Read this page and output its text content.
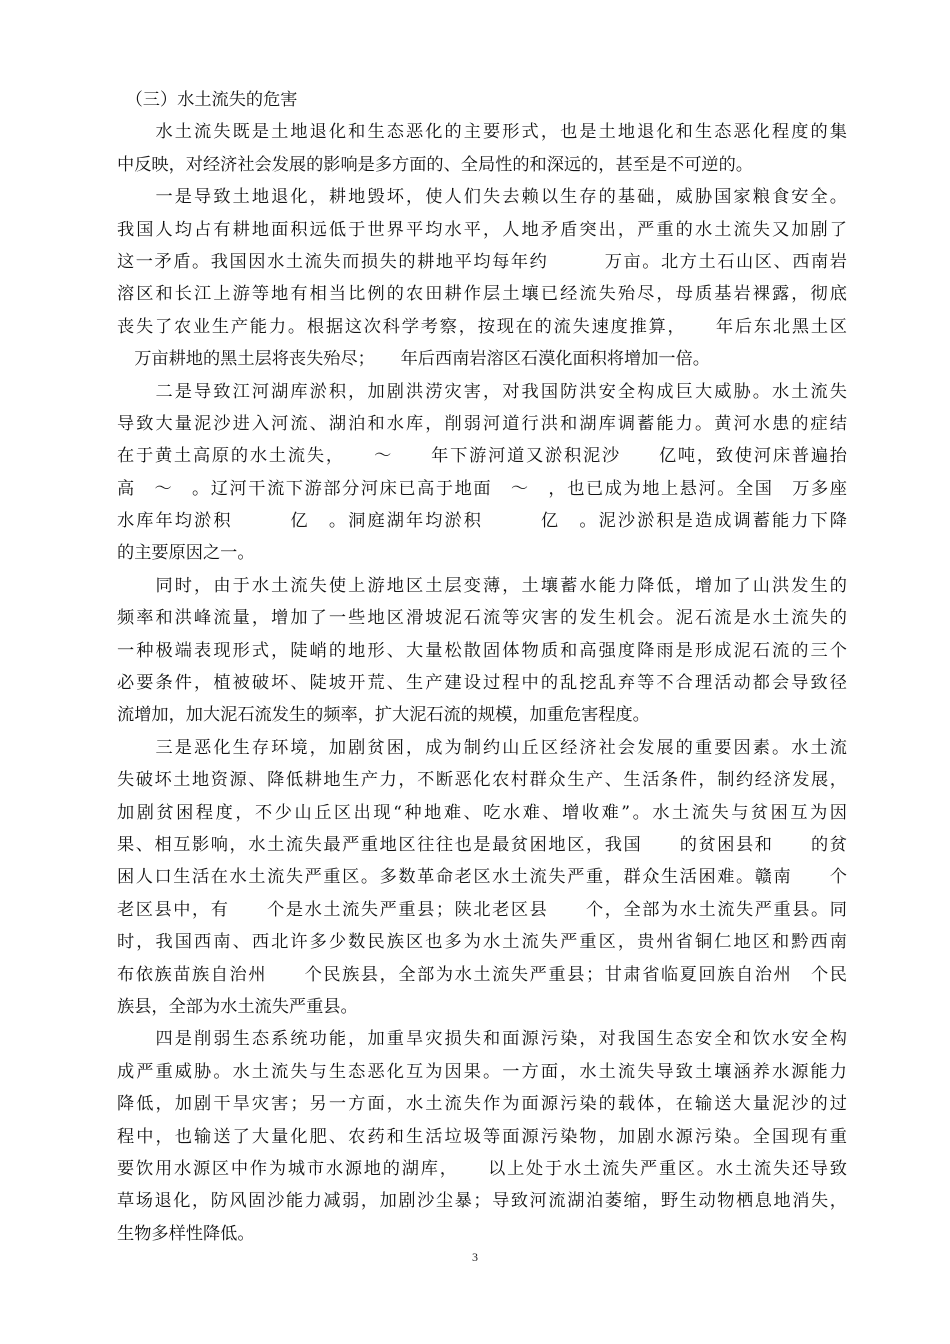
　（三）水土流失的危害
　　水土流失既是土地退化和生态恶化的主要形式，也是土地退化和生态恶化程度的集
中反映，对经济社会发展的影响是多方面的、全局性的和深远的，甚至是不可逆的。
　　一是导致土地退化，耕地毁坏，使人们失去赖以生存的基础，威胁国家粮食安全。
我国人均占有耕地面积远低于世界平均水平，人地矛盾突出，严重的水土流失又加剧了
这一矛盾。我国因水土流失而损失的耕地平均每年约　　　万亩。北方土石山区、西南岩
溶区和长江上游等地有相当比例的农田耕作层土壤已经流失殆尽，母质基岩裸露，彻底
丧失了农业生产能力。根据这次科学考察，按现在的流失速度推算，　　年后东北黑土区
　万亩耕地的黑土层将丧失殆尽；　　年后西南岩溶区石漠化面积将增加一倍。
　　二是导致江河湖库淤积，加剧洪涝灾害，对我国防洪安全构成巨大威胁。水土流失
导致大量泥沙进入河流、湖泊和水库，削弱河道行洪和湖库调蓄能力。黄河水患的症结
在于黄土高原的水土流失，　　～　　年下游河道又淤积泥沙　　亿吨，致使河床普遍抬
高　～　。辽河干流下游部分河床已高于地面　～　，也已成为地上悬河。全国　万多座
水库年均淤积　　　亿　。洞庭湖年均淤积　　　亿　。泥沙淤积是造成调蓄能力下降
的主要原因之一。
　　同时，由于水土流失使上游地区土层变薄，土壤蓄水能力降低，增加了山洪发生的
频率和洪峰流量，增加了一些地区滑坡泥石流等灾害的发生机会。泥石流是水土流失的
一种极端表现形式，陡峭的地形、大量松散固体物质和高强度降雨是形成泥石流的三个
必要条件，植被破坏、陡坡开荒、生产建设过程中的乱挖乱弃等不合理活动都会导致径
流增加，加大泥石流发生的频率，扩大泥石流的规模，加重危害程度。
　　三是恶化生存环境，加剧贫困，成为制约山丘区经济社会发展的重要因素。水土流
失破坏土地资源、降低耕地生产力，不断恶化农村群众生产、生活条件，制约经济发展，
加剧贫困程度，不少山丘区出现“种地难、吃水难、增收难”。水土流失与贫困互为因
果、相互影响，水土流失最严重地区往往也是最贫困地区，我国　　的贫困县和　　的贫
困人口生活在水土流失严重区。多数革命老区水土流失严重，群众生活困难。赣南　　个
老区县中，有　　个是水土流失严重县；陕北老区县　　个，全部为水土流失严重县。同
时，我国西南、西北许多少数民族区也多为水土流失严重区，贵州省铜仁地区和黔西南
布依族苗族自治州　　个民族县，全部为水土流失严重县；甘肃省临夏回族自治州　个民
族县，全部为水土流失严重县。
　　四是削弱生态系统功能，加重旱灾损失和面源污染，对我国生态安全和饮水安全构
成严重威胁。水土流失与生态恶化互为因果。一方面，水土流失导致土壤涵养水源能力
降低，加剧干旱灾害；另一方面，水土流失作为面源污染的载体，在输送大量泥沙的过
程中，也输送了大量化肥、农药和生活垃圾等面源污染物，加剧水源污染。全国现有重
要饮用水源区中作为城市水源地的湖库，　　以上处于水土流失严重区。水土流失还导致
草场退化，防风固沙能力减弱，加剧沙尘暴；导致河流湖泊萎缩，野生动物栖息地消失，
生物多样性降低。
3
